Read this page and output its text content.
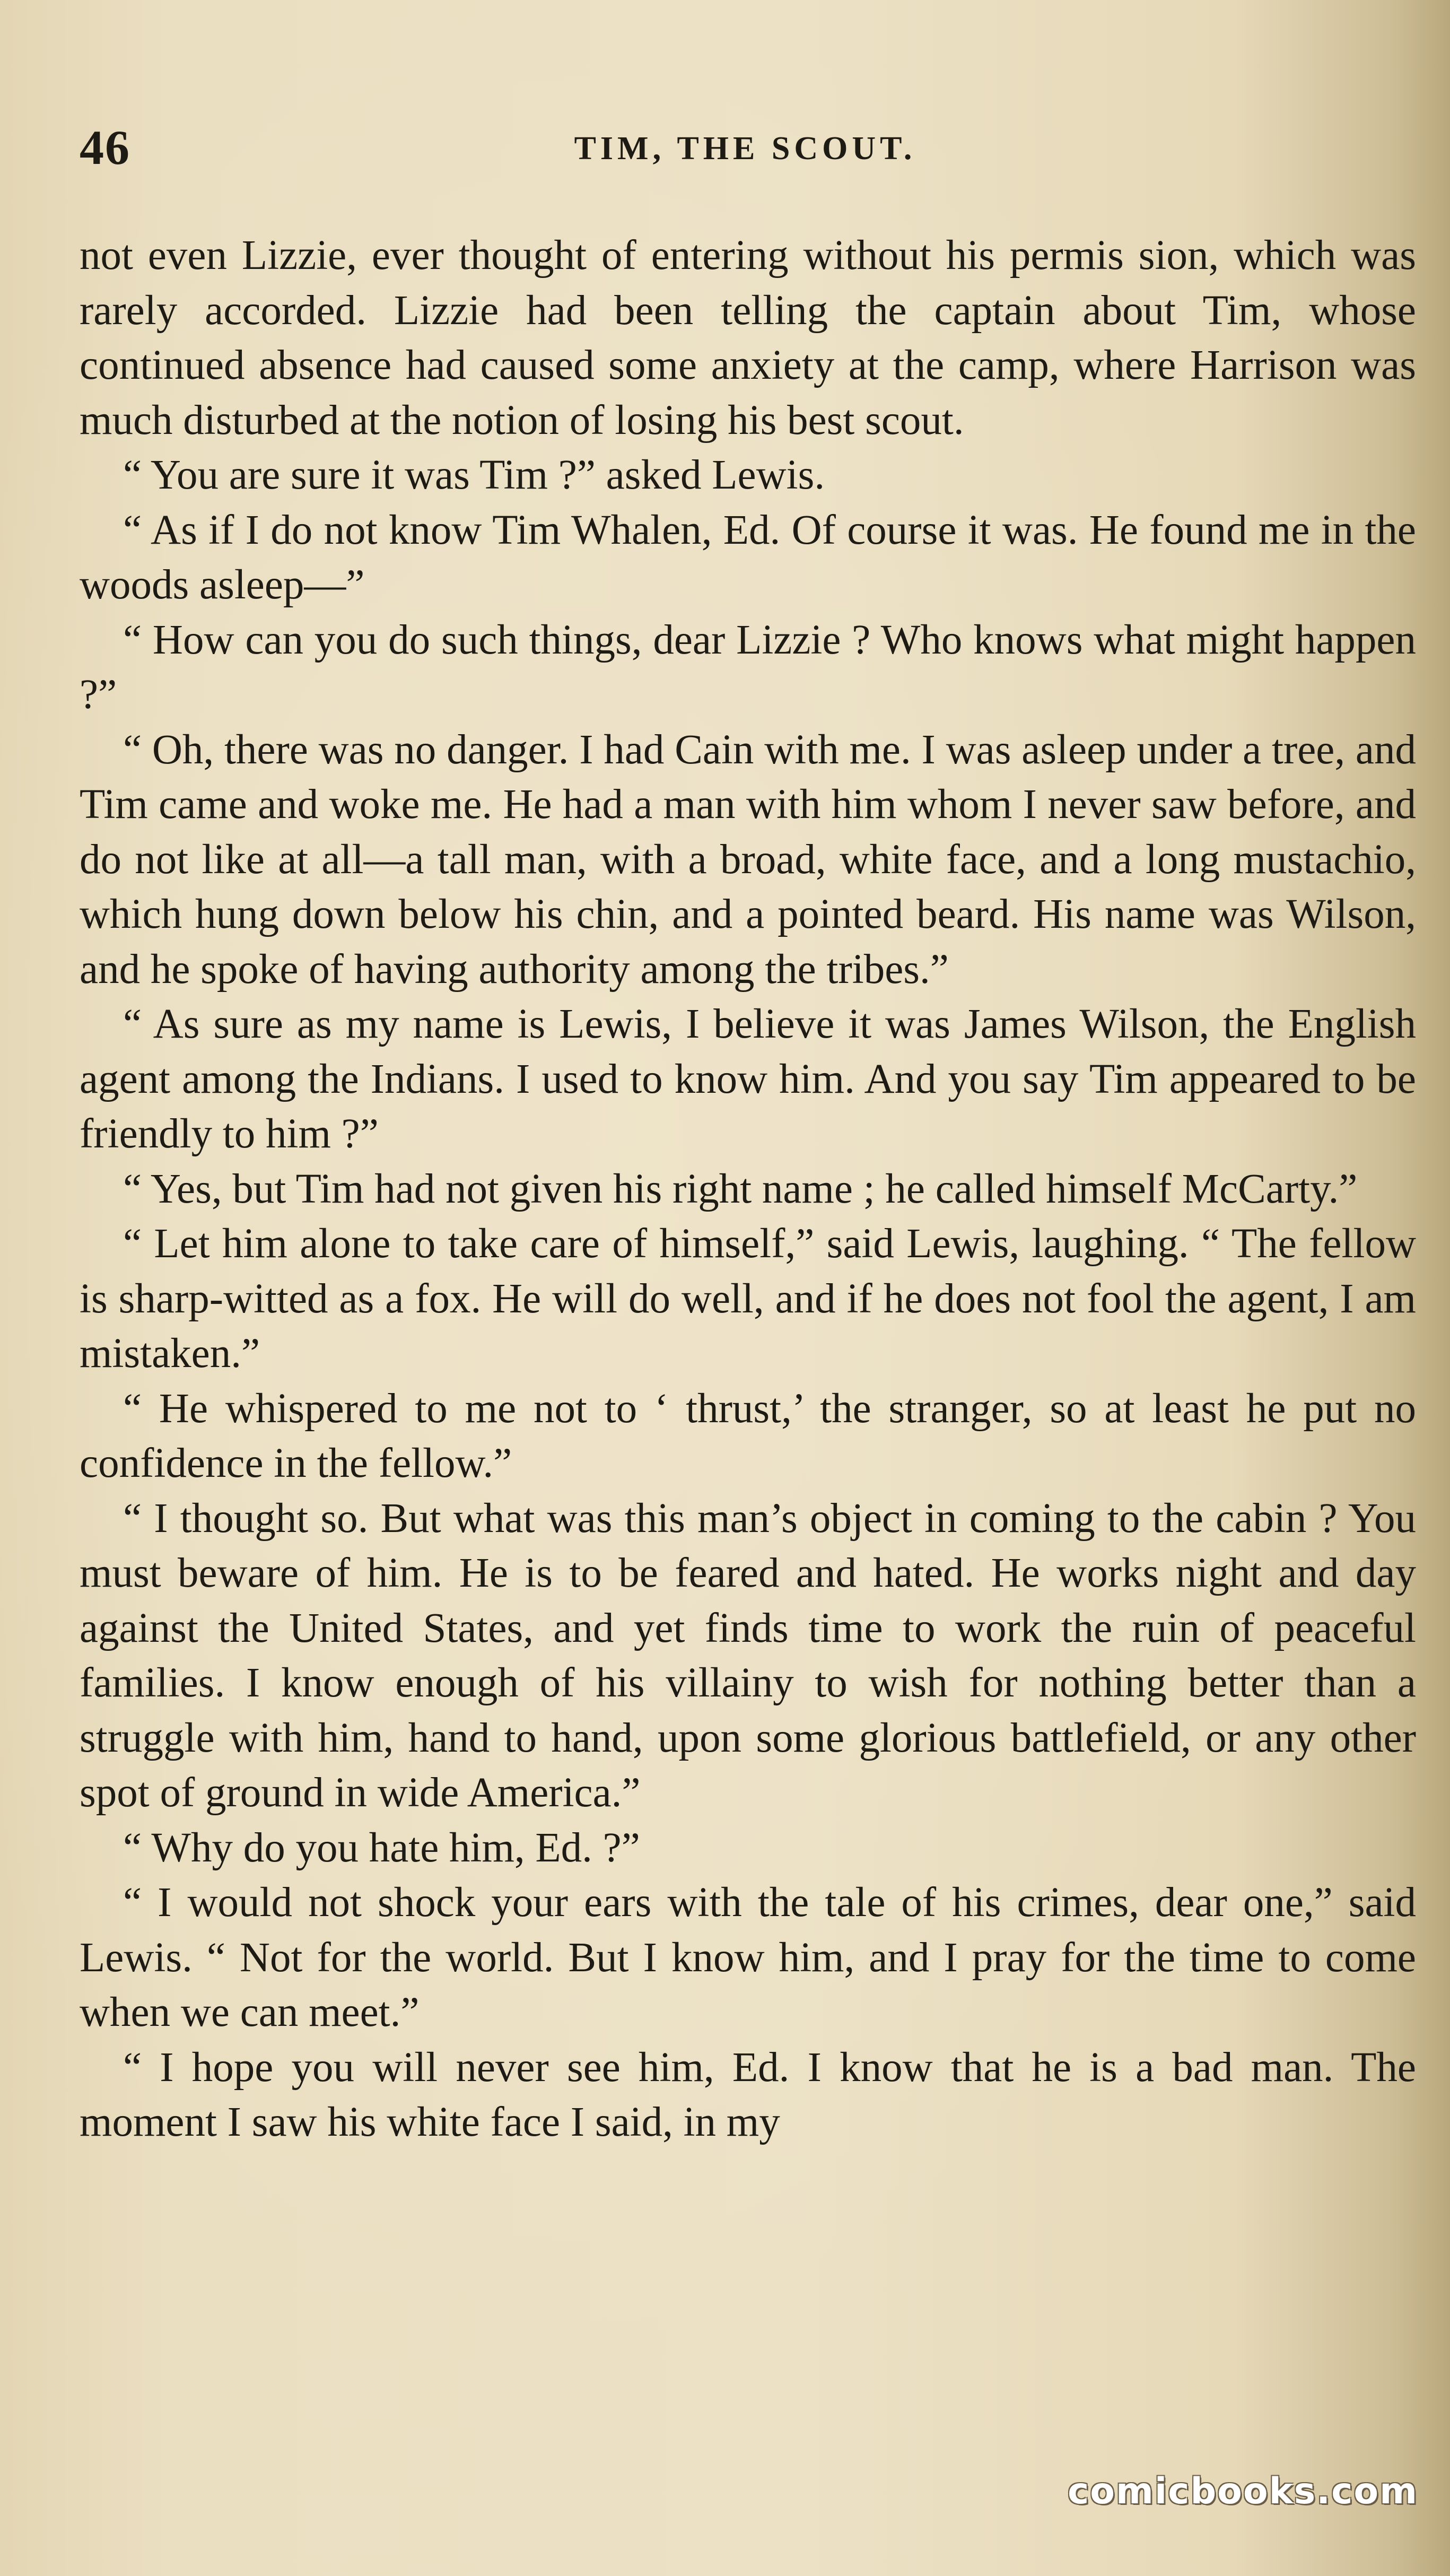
46	TIM, THE SCOUT.

not even Lizzie, ever thought of entering without his permis sion, which was rarely accorded. Lizzie had been telling the captain about Tim, whose continued absence had caused some anxiety at the camp, where Harrison was much disturbed at the notion of losing his best scout.

“ You are sure it was Tim ?” asked Lewis.

“ As if I do not know Tim Whalen, Ed. Of course it was. He found me in the woods asleep—”

“ How can you do such things, dear Lizzie ? Who knows what might happen ?”

“ Oh, there was no danger. I had Cain with me. I was asleep under a tree, and Tim came and woke me. He had a man with him whom I never saw before, and do not like at all—a tall man, with a broad, white face, and a long mustachio, which hung down below his chin, and a pointed beard. His name was Wilson, and he spoke of having authority among the tribes.”

“ As sure as my name is Lewis, I believe it was James Wilson, the English agent among the Indians. I used to know him. And you say Tim appeared to be friendly to him ?”

“ Yes, but Tim had not given his right name ; he called himself McCarty.”

“ Let him alone to take care of himself,” said Lewis, laughing. “ The fellow is sharp-witted as a fox. He will do well, and if he does not fool the agent, I am mistaken.”

“ He whispered to me not to ‘ thrust,’ the stranger, so at least he put no confidence in the fellow.”

“ I thought so. But what was this man’s object in coming to the cabin ? You must beware of him. He is to be feared and hated. He works night and day against the United States, and yet finds time to work the ruin of peaceful families. I know enough of his villainy to wish for nothing better than a struggle with him, hand to hand, upon some glorious battlefield, or any other spot of ground in wide America.”

“ Why do you hate him, Ed. ?”

“ I would not shock your ears with the tale of his crimes, dear one,” said Lewis. “ Not for the world. But I know him, and I pray for the time to come when we can meet.”

“ I hope you will never see him, Ed. I know that he is a bad man. The moment I saw his white face I said, in my

comicbooks.com
